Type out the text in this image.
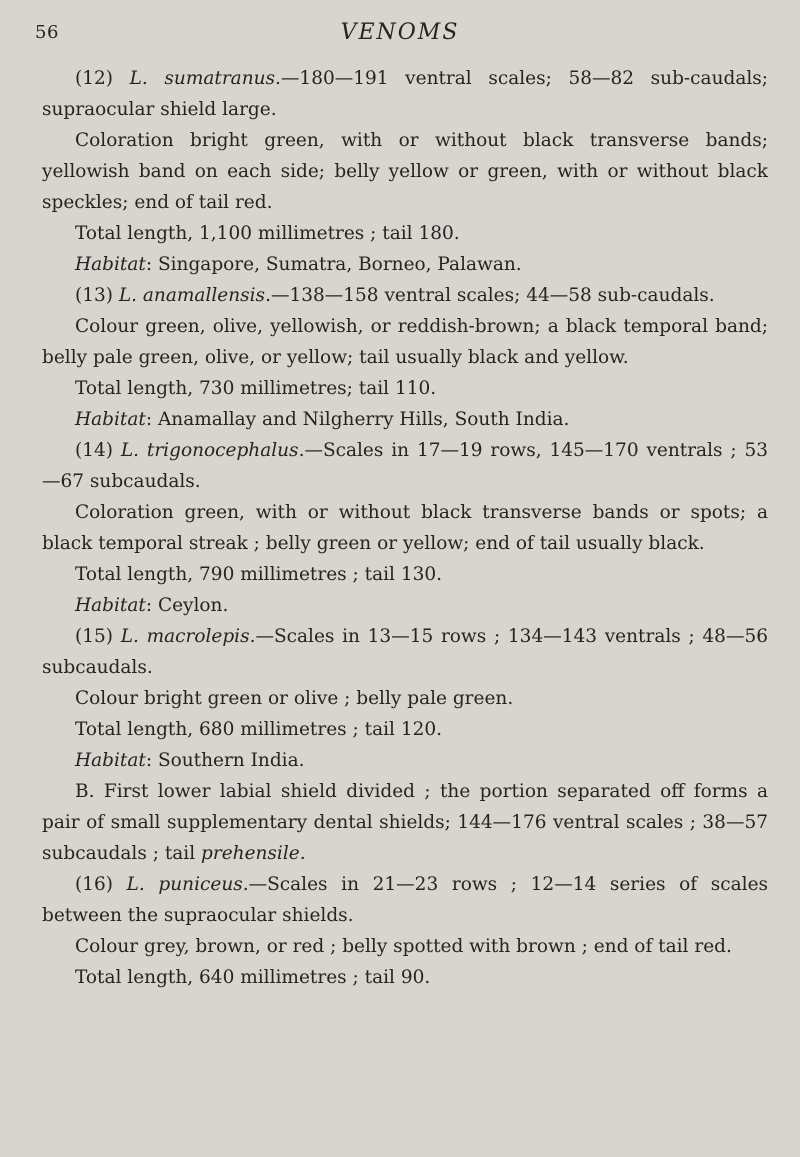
56	VENOMS

(12) L. sumatranus.—180—191 ventral scales; 58—82 sub-caudals; supraocular shield large.

Coloration bright green, with or without black transverse bands; yellowish band on each side; belly yellow or green, with or without black speckles; end of tail red.

Total length, 1,100 millimetres ; tail 180.

Habitat: Singapore, Sumatra, Borneo, Palawan.

(13) L. anamallensis.—138—158 ventral scales; 44—58 sub-caudals.

Colour green, olive, yellowish, or reddish-brown; a black temporal band; belly pale green, olive, or yellow; tail usually black and yellow.

Total length, 730 millimetres; tail 110.

Habitat: Anamallay and Nilgherry Hills, South India.

(14) L. trigonocephalus.—Scales in 17—19 rows, 145—170 ventrals ; 53—67 subcaudals.

Coloration green, with or without black transverse bands or spots; a black temporal streak ; belly green or yellow; end of tail usually black.

Total length, 790 millimetres ; tail 130.

Habitat: Ceylon.

(15) L. macrolepis.—Scales in 13—15 rows ; 134—143 ventrals ; 48—56 subcaudals.

Colour bright green or olive ; belly pale green.

Total length, 680 millimetres ; tail 120.

Habitat: Southern India.

B. First lower labial shield divided ; the portion separated off forms a pair of small supplementary dental shields; 144—176 ventral scales ; 38—57 subcaudals ; tail prehensile.

(16) L. puniceus.—Scales in 21—23 rows ; 12—14 series of scales between the supraocular shields.

Colour grey, brown, or red ; belly spotted with brown ; end of tail red.

Total length, 640 millimetres ; tail 90.
